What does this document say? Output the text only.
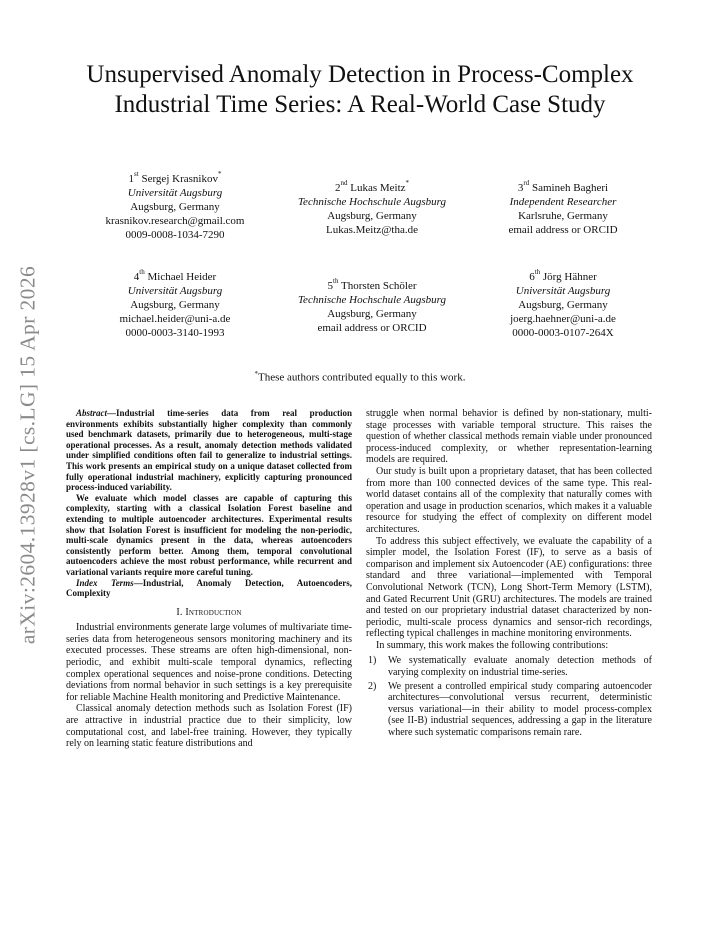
arXiv:2604.13928v1 [cs.LG] 15 Apr 2026
Unsupervised Anomaly Detection in Process-Complex Industrial Time Series: A Real-World Case Study
1st Sergej Krasnikov*
Universität Augsburg
Augsburg, Germany
krasnikov.research@gmail.com
0009-0008-1034-7290
2nd Lukas Meitz*
Technische Hochschule Augsburg
Augsburg, Germany
Lukas.Meitz@tha.de
3rd Samineh Bagheri
Independent Researcher
Karlsruhe, Germany
email address or ORCID
4th Michael Heider
Universität Augsburg
Augsburg, Germany
michael.heider@uni-a.de
0000-0003-3140-1993
5th Thorsten Schöler
Technische Hochschule Augsburg
Augsburg, Germany
email address or ORCID
6th Jörg Hähner
Universität Augsburg
Augsburg, Germany
joerg.haehner@uni-a.de
0000-0003-0107-264X
*These authors contributed equally to this work.

Abstract—Industrial time-series data from real production environments exhibits substantially higher complexity than commonly used benchmark datasets, primarily due to heterogeneous, multi-stage operational processes. As a result, anomaly detection methods validated under simplified conditions often fail to generalize to industrial settings. This work presents an empirical study on a unique dataset collected from fully operational industrial machinery, explicitly capturing pronounced process-induced variability.

We evaluate which model classes are capable of capturing this complexity, starting with a classical Isolation Forest baseline and extending to multiple autoencoder architectures. Experimental results show that Isolation Forest is insufficient for modeling the non-periodic, multi-scale dynamics present in the data, whereas autoencoders consistently perform better. Among them, temporal convolutional autoencoders achieve the most robust performance, while recurrent and variational variants require more careful tuning.

Index Terms—Industrial, Anomaly Detection, Autoencoders, Complexity

I. Introduction

Industrial environments generate large volumes of multivariate time-series data from heterogeneous sensors monitoring machinery and its executed processes. These streams are often high-dimensional, non-periodic, and exhibit multi-scale temporal dynamics, reflecting complex operational sequences and noise-prone conditions. Detecting deviations from normal behavior in such settings is a key prerequisite for reliable Machine Health monitoring and Predictive Maintenance.

Classical anomaly detection methods such as Isolation Forest (IF) are attractive in industrial practice due to their simplicity, low computational cost, and label-free training. However, they typically rely on learning static feature distributions and

struggle when normal behavior is defined by non-stationary, multi-stage processes with variable temporal structure. This raises the question of whether classical methods remain viable under pronounced process-induced complexity, or whether representation-learning models are required.

Our study is built upon a proprietary dataset, that has been collected from more than 100 connected devices of the same type. This real-world dataset contains all of the complexity that naturally comes with operation and usage in production scenarios, which makes it a valuable resource for studying the effect of complexity on different model architectures.

To address this subject effectively, we evaluate the capability of a simpler model, the Isolation Forest (IF), to serve as a basis of comparison and implement six Autoencoder (AE) configurations: three standard and three variational—implemented with Temporal Convolutional Network (TCN), Long Short-Term Memory (LSTM), and Gated Recurrent Unit (GRU) architectures. The models are trained and tested on our proprietary industrial dataset characterized by non-periodic, multi-scale process dynamics and sensor-rich recordings, reflecting typical challenges in machine monitoring environments.

In summary, this work makes the following contributions:

1) We systematically evaluate anomaly detection methods of varying complexity on industrial time-series.
2) We present a controlled empirical study comparing autoencoder architectures—convolutional versus recurrent, deterministic versus variational—in their ability to model process-complex (see II-B) industrial sequences, addressing a gap in the literature where such systematic comparisons remain rare.
